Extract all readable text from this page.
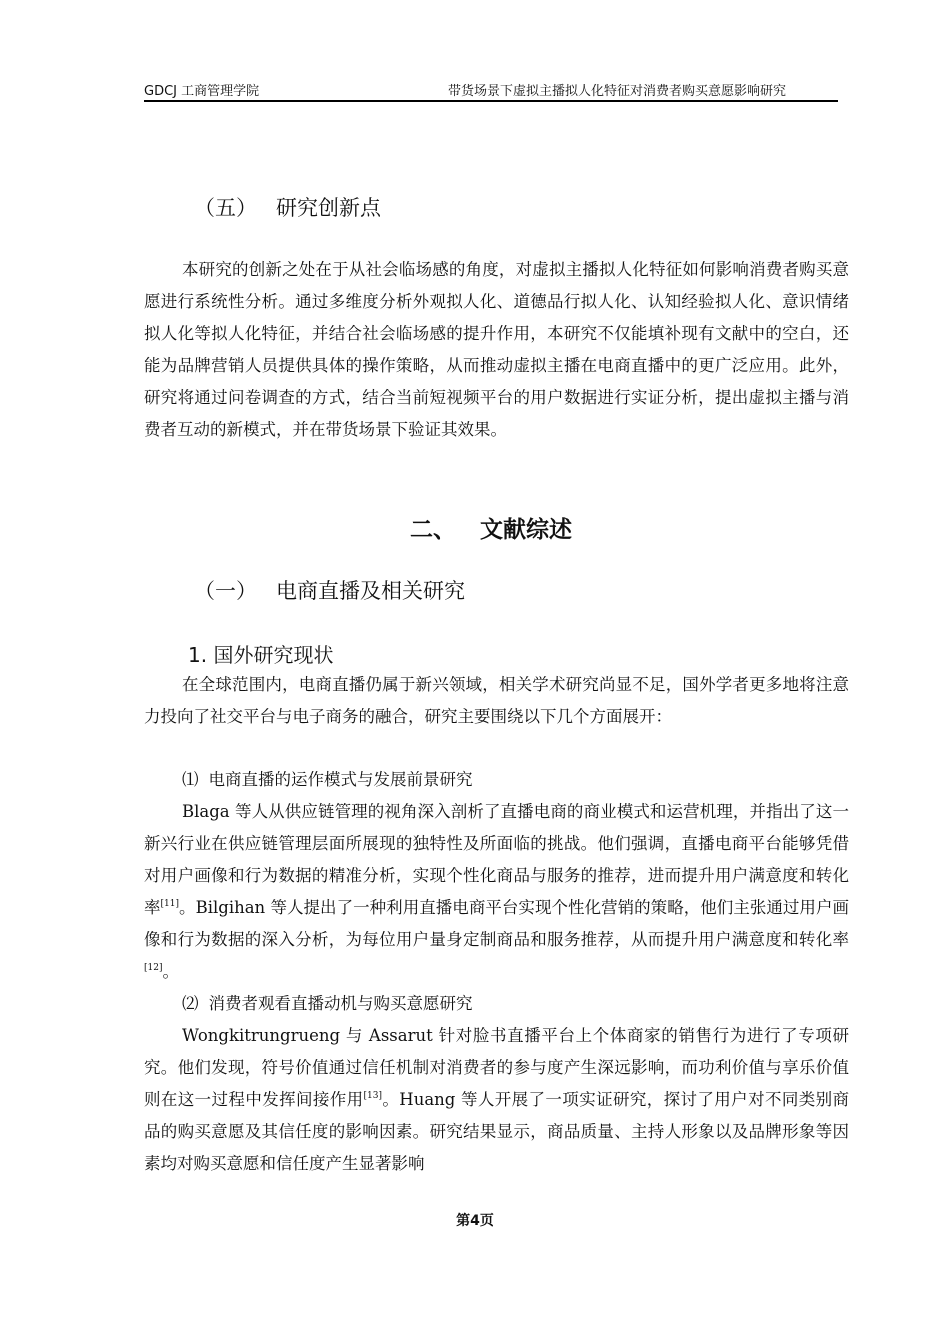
GDCJ 工商管理学院	带货场景下虚拟主播拟人化特征对消费者购买意愿影响研究
（五） 研究创新点

本研究的创新之处在于从社会临场感的角度，对虚拟主播拟人化特征如何影响消费者购买意愿进行系统性分析。通过多维度分析外观拟人化、道德品行拟人化、认知经验拟人化、意识情绪拟人化等拟人化特征，并结合社会临场感的提升作用，本研究不仅能填补现有文献中的空白，还能为品牌营销人员提供具体的操作策略，从而推动虚拟主播在电商直播中的更广泛应用。此外，研究将通过问卷调查的方式，结合当前短视频平台的用户数据进行实证分析，提出虚拟主播与消费者互动的新模式，并在带货场景下验证其效果。

二、 文献综述
（一） 电商直播及相关研究
1. 国外研究现状

在全球范围内，电商直播仍属于新兴领域，相关学术研究尚显不足，国外学者更多地将注意力投向了社交平台与电子商务的融合，研究主要围绕以下几个方面展开：

⑴ 电商直播的运作模式与发展前景研究

Blaga 等人从供应链管理的视角深入剖析了直播电商的商业模式和运营机理，并指出了这一新兴行业在供应链管理层面所展现的独特性及所面临的挑战。他们强调，直播电商平台能够凭借对用户画像和行为数据的精准分析，实现个性化商品与服务的推荐，进而提升用户满意度和转化率[11]。Bilgihan 等人提出了一种利用直播电商平台实现个性化营销的策略，他们主张通过用户画像和行为数据的深入分析，为每位用户量身定制商品和服务推荐，从而提升用户满意度和转化率[12]。

⑵ 消费者观看直播动机与购买意愿研究

Wongkitrungrueng 与 Assarut 针对脸书直播平台上个体商家的销售行为进行了专项研究。他们发现，符号价值通过信任机制对消费者的参与度产生深远影响，而功利价值与享乐价值则在这一过程中发挥间接作用[13]。Huang 等人开展了一项实证研究，探讨了用户对不同类别商品的购买意愿及其信任度的影响因素。研究结果显示，商品质量、主持人形象以及品牌形象等因素均对购买意愿和信任度产生显著影响

第4页
